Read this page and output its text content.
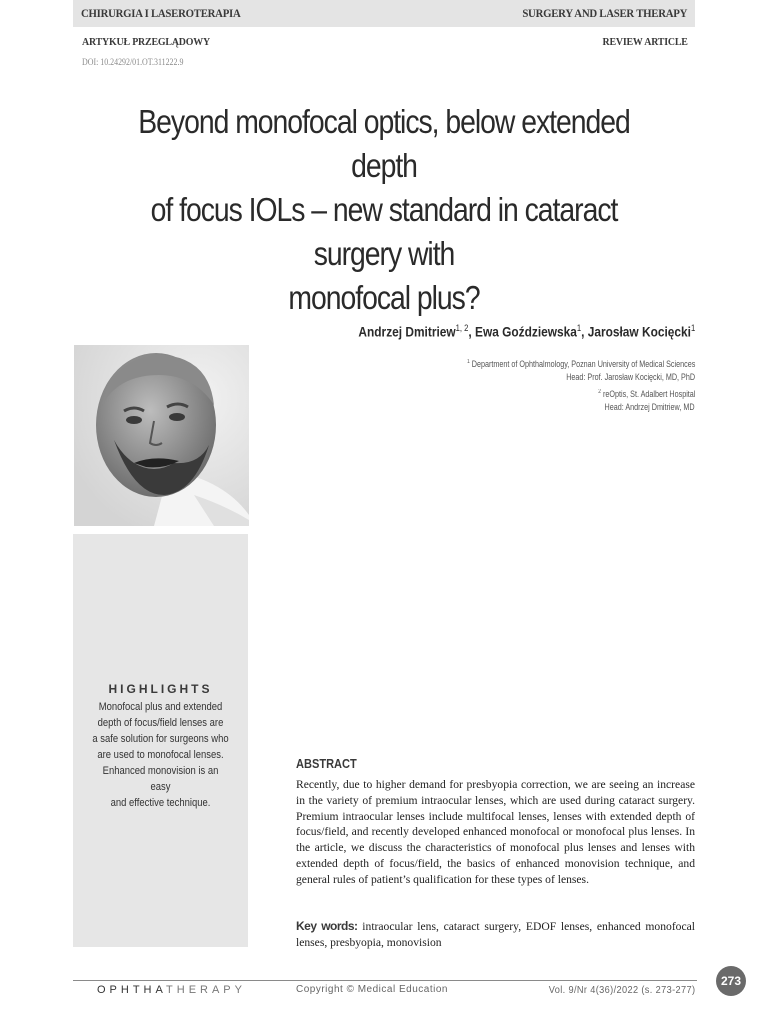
CHIRURGIA I LASEROTERAPIA	SURGERY AND LASER THERAPY
ARTYKUŁ PRZEGLĄDOWY	REVIEW ARTICLE
DOI: 10.24292/01.OT.311222.9
Beyond monofocal optics, below extended depth
of focus IOLs – new standard in cataract surgery with
monofocal plus?
Andrzej Dmitriew$^{1, 2}$, Ewa Goździewska$^1$, Jarosław Kocięcki$^1$
$^1$ Department of Ophthalmology, Poznan University of Medical Sciences
Head: Prof. Jarosław Kocięcki, MD, PhD
$^2$ reOptis, St. Adalbert Hospital
Head: Andrzej Dmitriew, MD
HIGHLIGHTS
Monofocal plus and extended
depth of focus/field lenses are
a safe solution for surgeons who
are used to monofocal lenses.
Enhanced monovision is an easy
and effective technique.
ABSTRACT

Recently, due to higher demand for presbyopia correction, we are seeing an increase in the variety of premium intraocular lenses, which are used during cataract surgery. Premium intraocular lenses include multifocal lenses, lenses with extended depth of focus/field, and recently developed enhanced monofocal or monofocal plus lenses. In the article, we discuss the characteristics of monofocal plus lenses and lenses with extended depth of focus/field, the basics of enhanced monovision technique, and general rules of patient’s qualification for these types of lenses.

Key words: intraocular lens, cataract surgery, EDOF lenses, enhanced monofocal lenses, presbyopia, monovision

OPHTHATHERAPY	Copyright © Medical Education	Vol. 9/Nr 4(36)/2022 (s. 273-277)
273
